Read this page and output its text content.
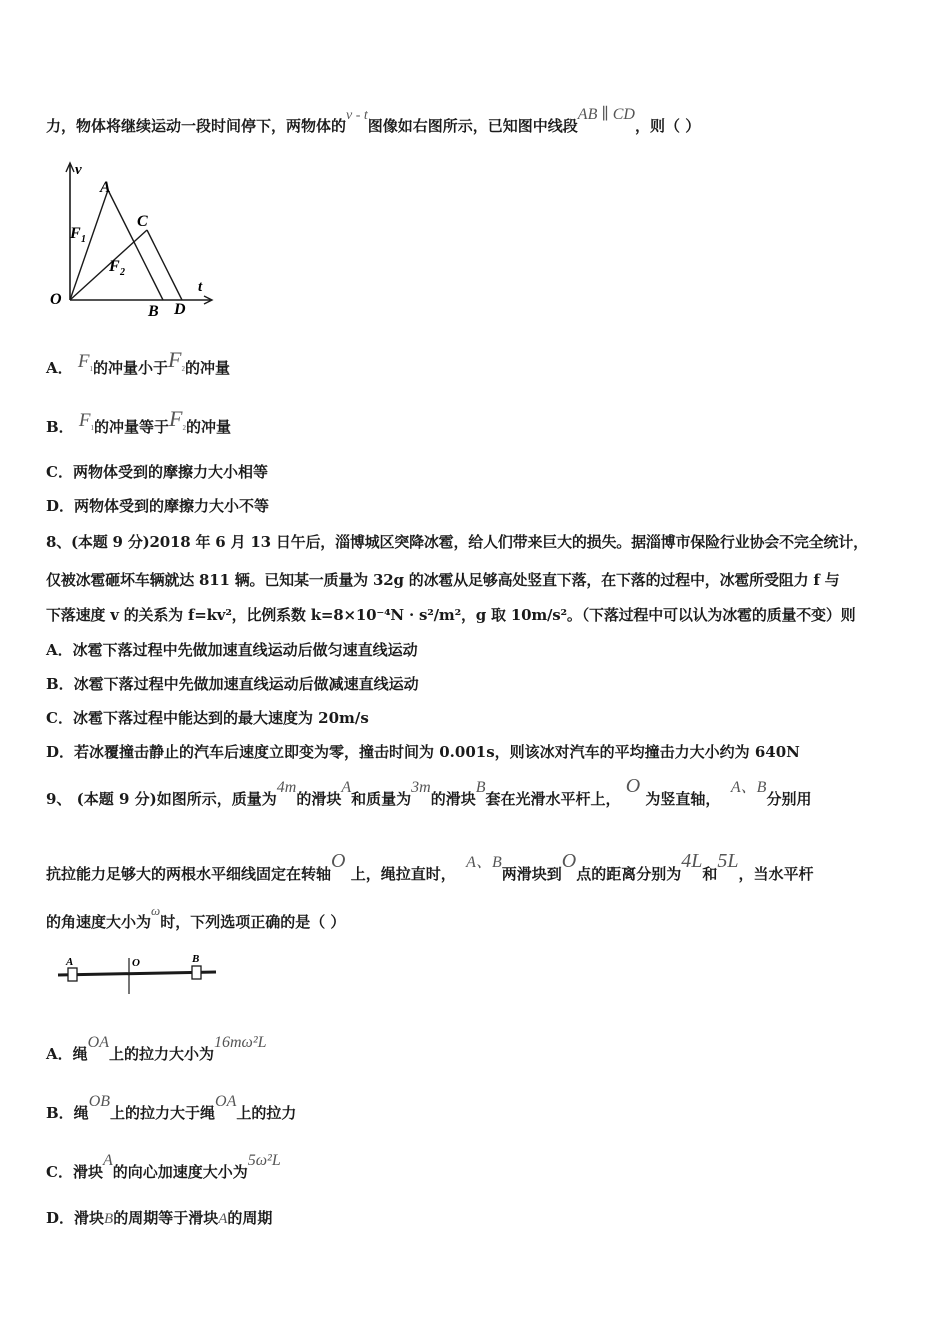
力，物体将继续运动一段时间停下，两物体的v - t图像如右图所示，已知图中线段AB ∥ CD，则（ ）
v
A
C
F 1
F 2
O
t
B D
A． F1的冲量小于F2的冲量
B． F1的冲量等于F2的冲量
C．两物体受到的摩擦力大小相等
D．两物体受到的摩擦力大小不等
8、(本题 9 分)2018 年 6 月 13 日午后，淄博城区突降冰雹，给人们带来巨大的损失。据淄博市保险行业协会不完全统计，
仅被冰雹砸坏车辆就达 811 辆。已知某一质量为 32g 的冰雹从足够高处竖直下落，在下落的过程中，冰雹所受阻力 f 与
下落速度 v 的关系为 f=kv²，比例系数 k=8×10⁻⁴N · s²/m²，g 取 10m/s²。（下落过程中可以认为冰雹的质量不变）则
A．冰雹下落过程中先做加速直线运动后做匀速直线运动
B．冰雹下落过程中先做加速直线运动后做减速直线运动
C．冰雹下落过程中能达到的最大速度为 20m/s
D．若冰覆撞击静止的汽车后速度立即变为零，撞击时间为 0.001s，则该冰对汽车的平均撞击力大小约为 640N
9、 (本题 9 分)如图所示，质量为4m的滑块A和质量为3m的滑块B套在光滑水平杆上， O 为竖直轴，  A、B分别用
抗拉能力足够大的两根水平细线固定在转轴O 上，绳拉直时，  A、B两滑块到O点的距离分别为4L和5L，当水平杆
的角速度大小为ω时，下列选项正确的是（ ）
A	O	B
A．绳OA上的拉力大小为16mω²L
B．绳OB上的拉力大于绳OA上的拉力
C．滑块A的向心加速度大小为5ω²L
D．滑块B的周期等于滑块A的周期
